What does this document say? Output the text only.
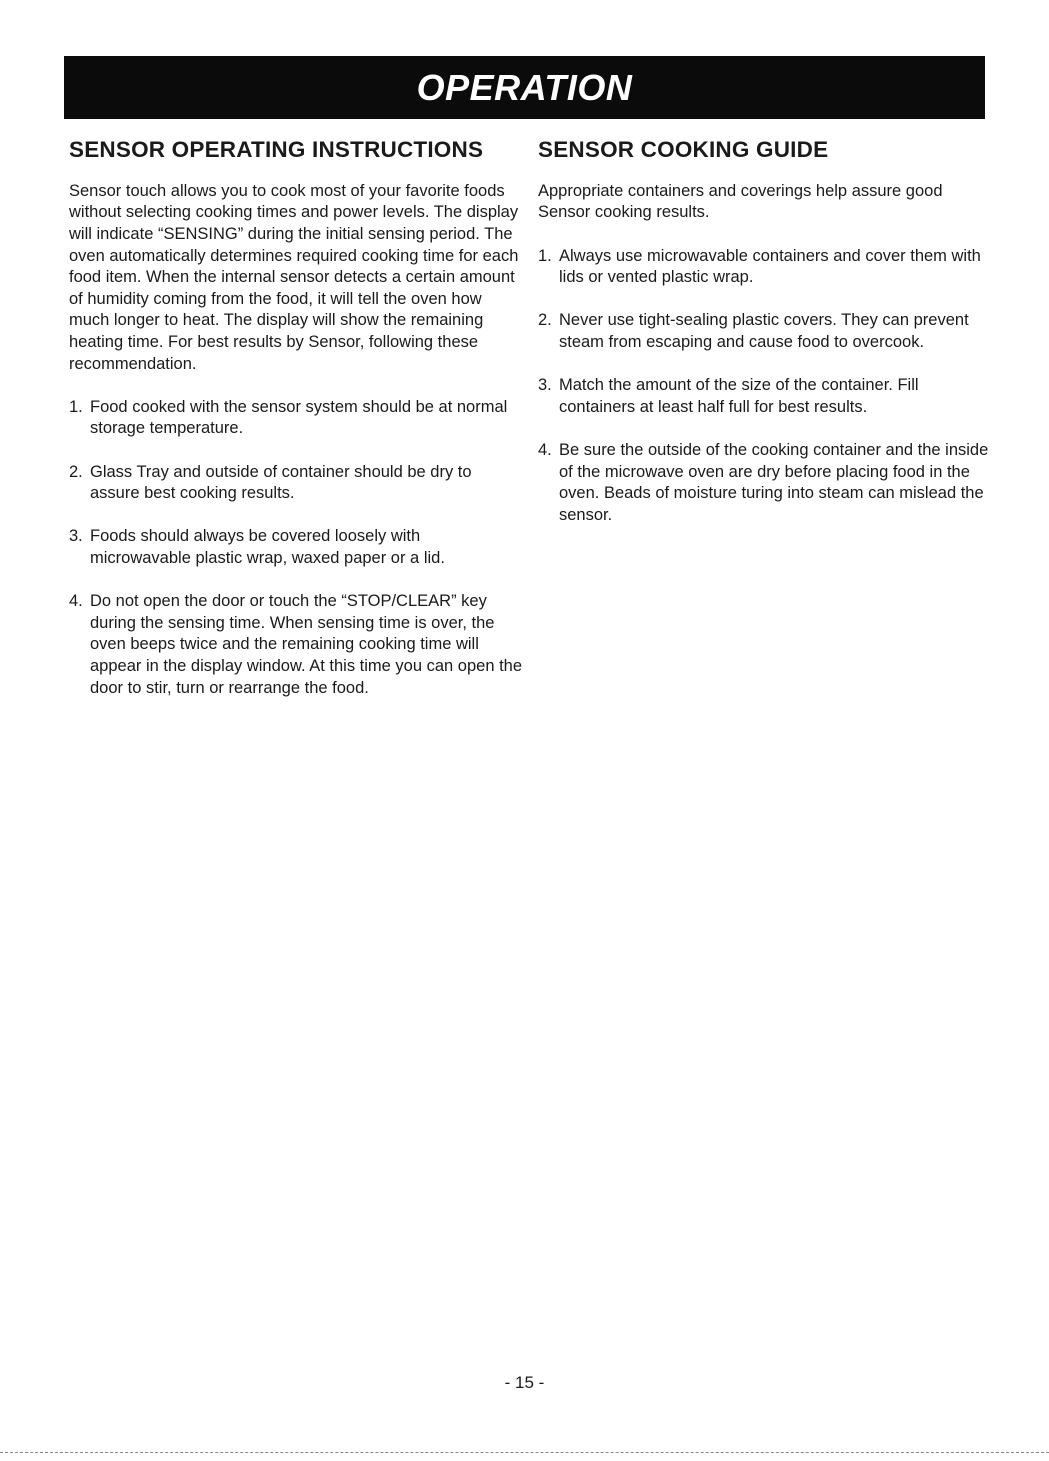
OPERATION
SENSOR OPERATING INSTRUCTIONS

Sensor touch allows you to cook most of your favorite foods without selecting cooking times and power levels. The display will indicate “SENSING” during the initial sensing period. The oven automatically determines required cooking time for each food item. When the internal sensor detects a certain amount of humidity coming from the food, it will tell the oven how much longer to heat. The display will show the remaining heating time. For best results by Sensor, following these recommendation.

1. Food cooked with the sensor system should be at normal storage temperature.
2. Glass Tray and outside of container should be dry to assure best cooking results.
3. Foods should always be covered loosely with microwavable plastic wrap, waxed paper or a lid.
4. Do not open the door or touch the “STOP/CLEAR” key during the sensing time. When sensing time is over, the oven beeps twice and the remaining cooking time will appear in the display window. At this time you can open the door to stir, turn or rearrange the food.
SENSOR COOKING GUIDE

Appropriate containers and coverings help assure good Sensor cooking results.

1. Always use microwavable containers and cover them with lids or vented plastic wrap.
2. Never use tight-sealing plastic covers. They can prevent steam from escaping and cause food to overcook.
3. Match the amount of the size of the container. Fill containers at least half full for best results.
4. Be sure the outside of the cooking container and the inside of the microwave oven are dry before placing food in the oven. Beads of moisture turing into steam can mislead the sensor.
- 15 -
